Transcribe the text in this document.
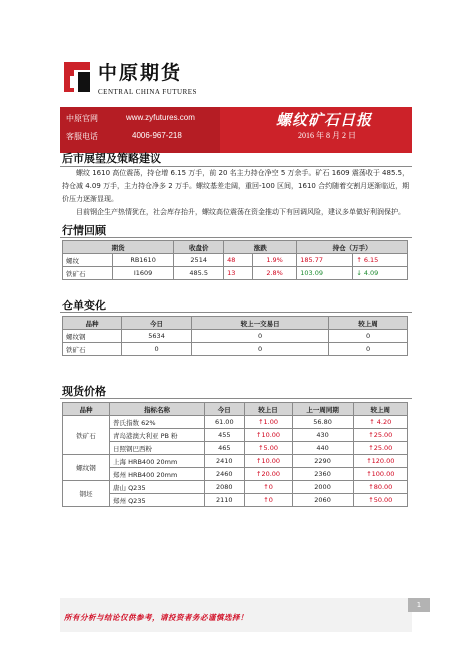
中原期货
CENTRAL CHINA FUTURES
中原官网	www.zyfutures.com
客服电话	4006-967-218
螺纹矿石日报
2016 年 8 月 2 日
后市展望及策略建议
螺纹 1610 高位震荡，持仓增 6.15 万手，前 20 名主力持仓净空 5 万余手。矿石 1609 震荡收于 485.5，持仓减 4.09 万手，主力持仓净多 2 万手。螺纹基差走阔，重回-100 区间，1610 合约随着交割月逐渐临近，期价压力逐渐显现。
目前钢企生产热情犹在，社会库存抬升，螺纹高位震荡在资金推动下有回调风险，建议多单做好利润保护。
行情回顾
期货		收盘价	涨跌		持仓（万手）	
螺纹	RB1610	2514	48	1.9%	185.77	↑ 6.15
铁矿石	I1609	485.5	13	2.8%	103.09	↓ 4.09
仓单变化
品种	今日	较上一交易日	较上周
螺纹钢	5634	0	0
铁矿石	0	0	0
现货价格
品种	指标名称	今日	较上日	上一周同期	较上周
铁矿石	普氏指数 62%	61.00	↑1.00	56.80	↑ 4.20
	青岛港澳大利亚 PB 粉	455	↑10.00	430	↑25.00
	日照钢巴西粉	465	↑5.00	440	↑25.00
螺纹钢	上海 HRB400 20mm	2410	↑10.00	2290	↑120.00
	郑州 HRB400 20mm	2460	↑20.00	2360	↑100.00
钢坯	唐山 Q235	2080	↑0	2000	↑80.00
	郑州 Q235	2110	↑0	2060	↑50.00
所有分析与结论仅供参考，请投资者务必谨慎选择！
1
